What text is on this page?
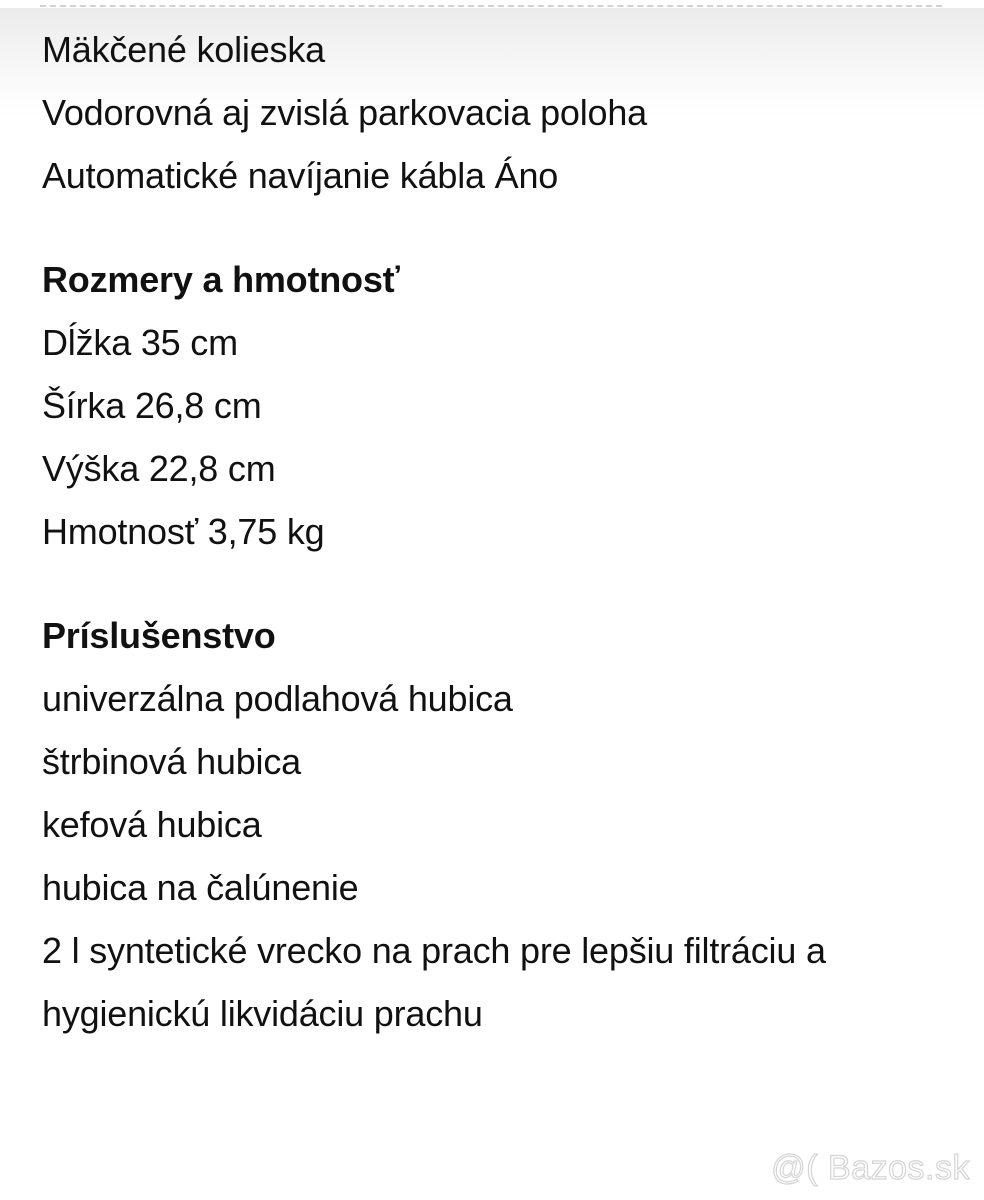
Mäkčené kolieska
Vodorovná aj zvislá parkovacia poloha
Automatické navíjanie kábla Áno
Rozmery a hmotnosť
Dĺžka 35 cm
Šírka 26,8 cm
Výška 22,8 cm
Hmotnosť 3,75 kg
Príslušenstvo
univerzálna podlahová hubica
štrbinová hubica
kefová hubica
hubica na čalúnenie
2 l syntetické vrecko na prach pre lepšiu filtráciu a hygienickú likvidáciu prachu
@( Bazos.sk
